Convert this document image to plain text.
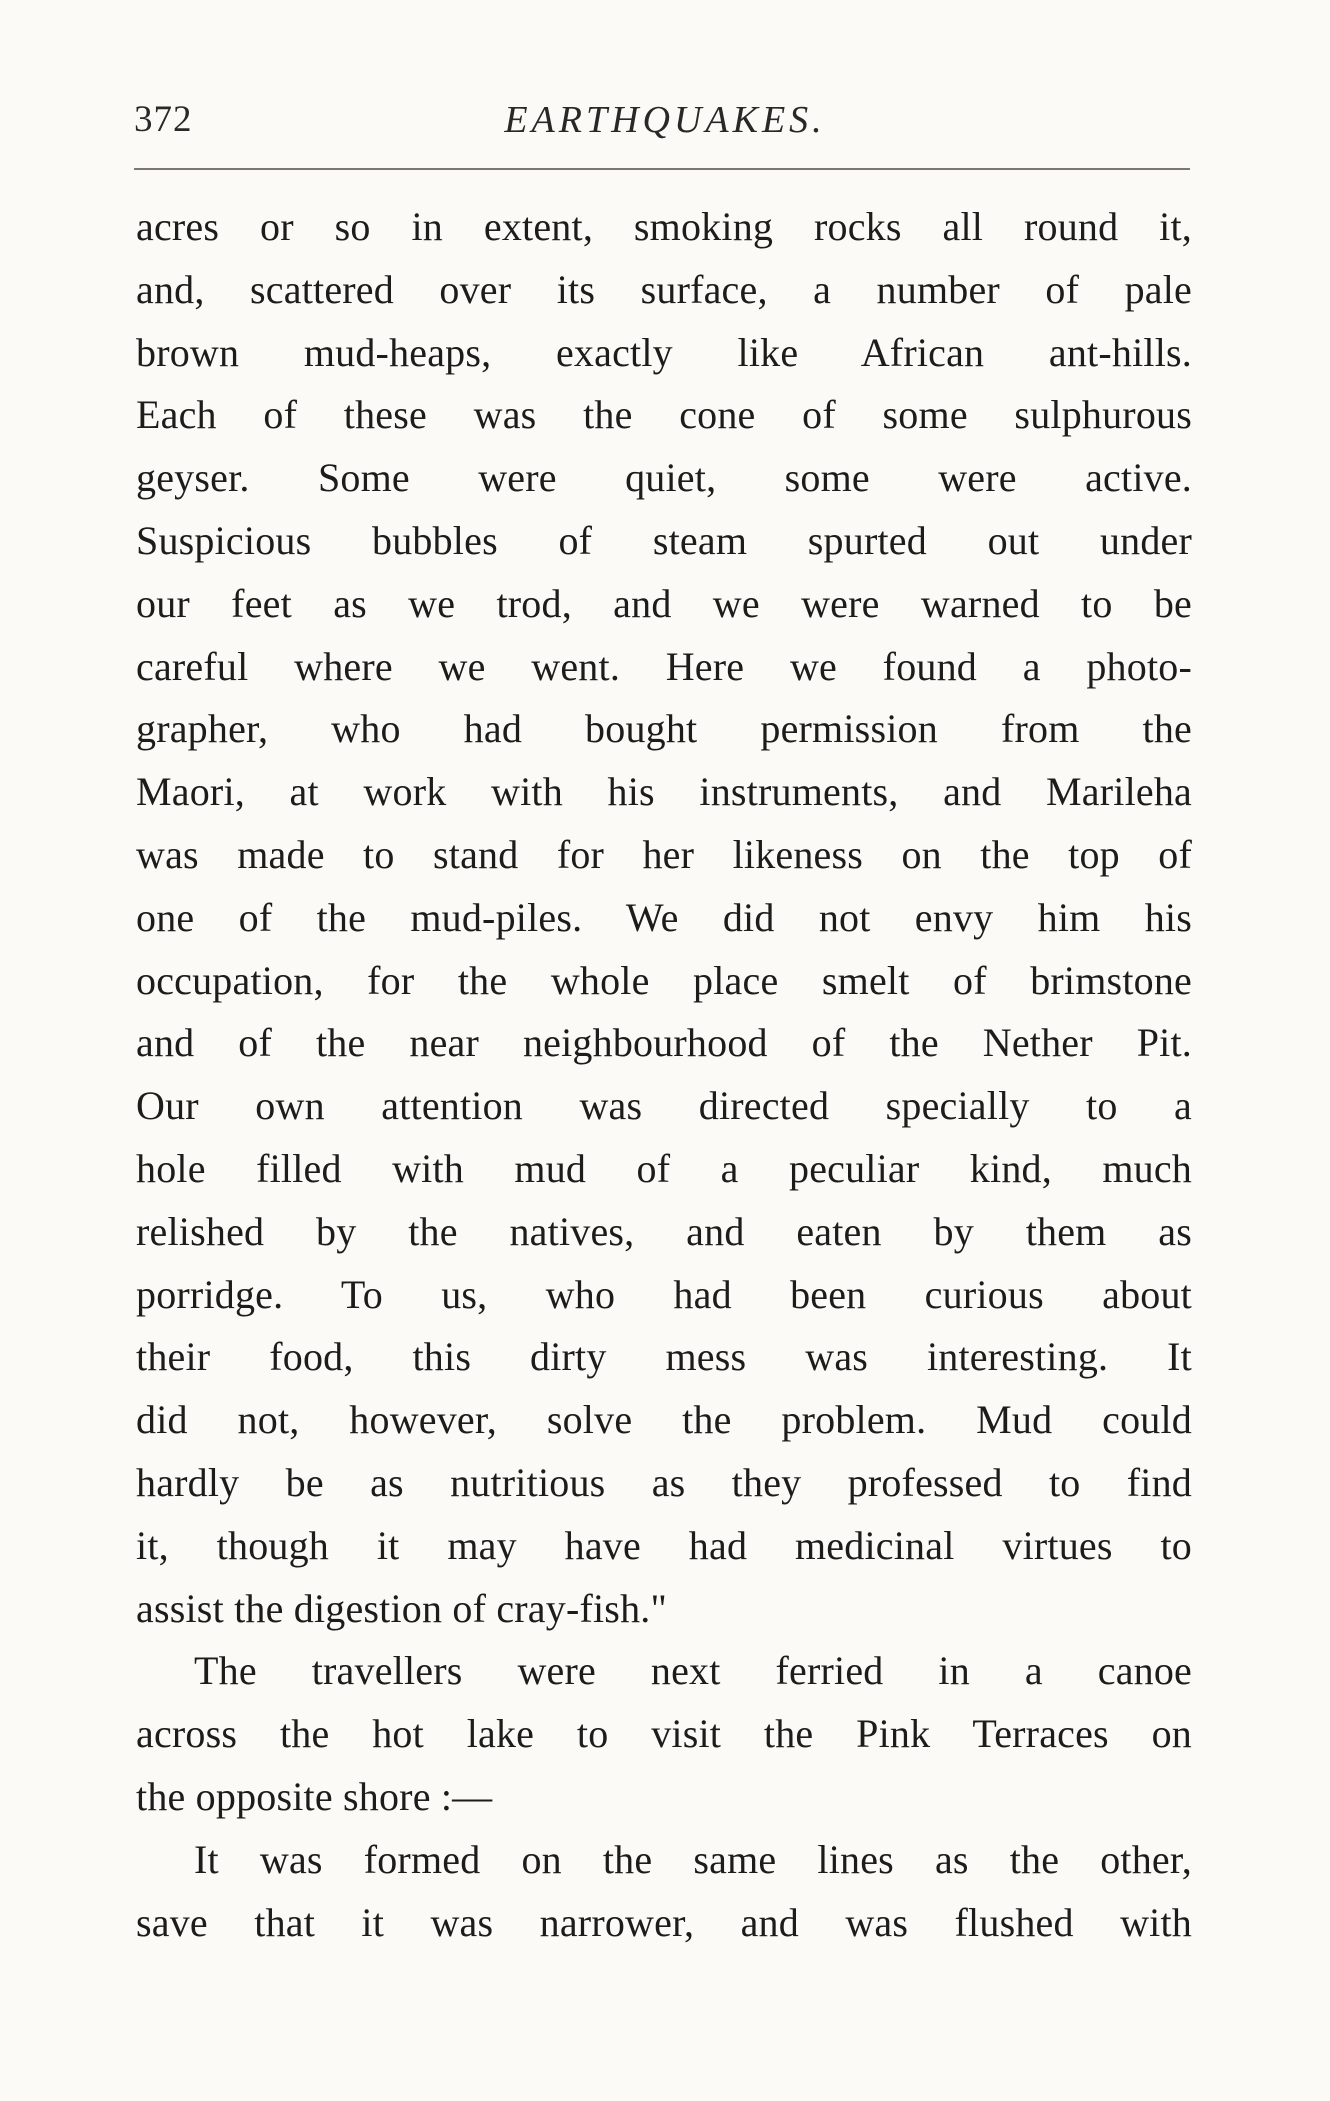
372	EARTHQUAKES.
acres or so in extent, smoking rocks all round it,
and, scattered over its surface, a number of pale
brown mud-heaps, exactly like African ant-hills.
Each of these was the cone of some sulphurous
geyser. Some were quiet, some were active.
Suspicious bubbles of steam spurted out under
our feet as we trod, and we were warned to be
careful where we went. Here we found a photo-
grapher, who had bought permission from the
Maori, at work with his instruments, and Marileha
was made to stand for her likeness on the top of
one of the mud-piles. We did not envy him his
occupation, for the whole place smelt of brimstone
and of the near neighbourhood of the Nether Pit.
Our own attention was directed specially to a
hole filled with mud of a peculiar kind, much
relished by the natives, and eaten by them as
porridge. To us, who had been curious about
their food, this dirty mess was interesting. It
did not, however, solve the problem. Mud could
hardly be as nutritious as they professed to find
it, though it may have had medicinal virtues to
assist the digestion of cray-fish."
The travellers were next ferried in a canoe
across the hot lake to visit the Pink Terraces on
the opposite shore :—
It was formed on the same lines as the other,
save that it was narrower, and was flushed with
